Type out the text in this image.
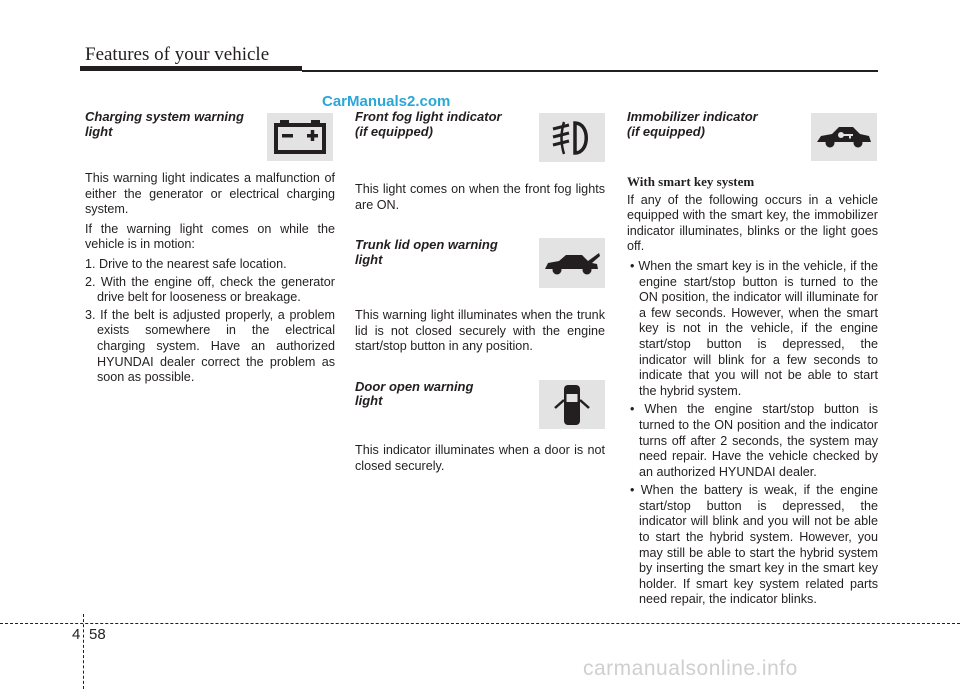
Features of your vehicle
CarManuals2.com
Charging system warning
light

This warning light indicates a malfunction of either the generator or electrical charging system.

If the warning light comes on while the vehicle is in motion:

1. Drive to the nearest safe location.
2. With the engine off, check the generator drive belt for looseness or breakage.
3. If the belt is adjusted properly, a problem exists somewhere in the electrical charging system. Have an authorized HYUNDAI dealer correct the problem as soon as possible.
Front fog light indicator
(if equipped)

This light comes on when the front fog lights are ON.

Trunk lid open warning
light

This warning light illuminates when the trunk lid is not closed securely with the engine start/stop button in any position.

Door open warning
light

This indicator illuminates when a door is not closed securely.

Immobilizer indicator
(if equipped)

With smart key system

If any of the following occurs in a vehicle equipped with the smart key, the immobilizer indicator illuminates, blinks or the light goes off.

• When the smart key is in the vehicle, if the engine start/stop button is turned to the ON position, the indicator will illuminate for a few seconds. However, when the smart key is not in the vehicle, if the engine start/stop button is depressed, the indicator will blink for a few seconds to indicate that you will not be able to start the hybrid system.
• When the engine start/stop button is turned to the ON position and the indicator turns off after 2 seconds, the system may need repair. Have the vehicle checked by an authorized HYUNDAI dealer.
• When the battery is weak, if the engine start/stop button is depressed, the indicator will blink and you will not be able to start the hybrid system. However, you may still be able to start the hybrid system by inserting the smart key in the smart key holder. If smart key system related parts need repair, the indicator blinks.
4 58
carmanualsonline.info
